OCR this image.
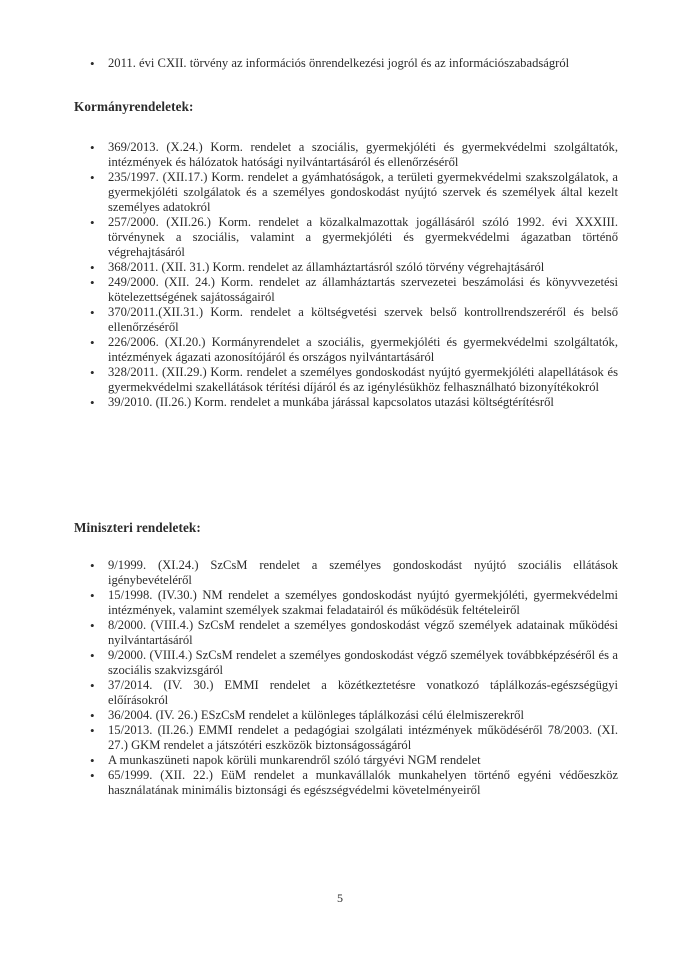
• 2011. évi CXII. törvény az információs önrendelkezési jogról és az információszabadságról
Kormányrendeletek:
• 369/2013. (X.24.) Korm. rendelet a szociális, gyermekjóléti és gyermekvédelmi szolgáltatók, intézmények és hálózatok hatósági nyilvántartásáról és ellenőrzéséről
• 235/1997. (XII.17.) Korm. rendelet a gyámhatóságok, a területi gyermekvédelmi szakszolgálatok, a gyermekjóléti szolgálatok és a személyes gondoskodást nyújtó szervek és személyek által kezelt személyes adatokról
• 257/2000. (XII.26.) Korm. rendelet a közalkalmazottak jogállásáról szóló 1992. évi XXXIII. törvénynek a szociális, valamint a gyermekjóléti és gyermekvédelmi ágazatban történő végrehajtásáról
• 368/2011. (XII. 31.) Korm. rendelet az államháztartásról szóló törvény végrehajtásáról
• 249/2000. (XII. 24.) Korm. rendelet az államháztartás szervezetei beszámolási és könyvvezetési kötelezettségének sajátosságairól
• 370/2011.(XII.31.) Korm. rendelet a költségvetési szervek belső kontrollrendszeréről és belső ellenőrzéséről
• 226/2006. (XI.20.) Kormányrendelet a szociális, gyermekjóléti és gyermekvédelmi szolgáltatók, intézmények ágazati azonosítójáról és országos nyilvántartásáról
• 328/2011. (XII.29.) Korm. rendelet a személyes gondoskodást nyújtó gyermekjóléti alapellátások és gyermekvédelmi szakellátások térítési díjáról és az igénylésükhöz felhasználható bizonyítékokról
• 39/2010. (II.26.) Korm. rendelet a munkába járással kapcsolatos utazási költségtérítésről
Miniszteri rendeletek:
• 9/1999. (XI.24.) SzCsM rendelet a személyes gondoskodást nyújtó szociális ellátások igénybevételéről
• 15/1998. (IV.30.) NM rendelet a személyes gondoskodást nyújtó gyermekjóléti, gyermekvédelmi intézmények, valamint személyek szakmai feladatairól és működésük feltételeiről
• 8/2000. (VIII.4.) SzCsM rendelet a személyes gondoskodást végző személyek adatainak működési nyilvántartásáról
• 9/2000. (VIII.4.) SzCsM rendelet a személyes gondoskodást végző személyek továbbképzéséről és a szociális szakvizsgáról
• 37/2014. (IV. 30.) EMMI rendelet a közétkeztetésre vonatkozó táplálkozás-egészségügyi előírásokról
• 36/2004. (IV. 26.) ESzCsM rendelet a különleges táplálkozási célú élelmiszerekről
• 15/2013. (II.26.) EMMI rendelet a pedagógiai szolgálati intézmények működéséről 78/2003. (XI. 27.) GKM rendelet a játszótéri eszközök biztonságosságáról
• A munkaszüneti napok körüli munkarendről szóló tárgyévi NGM rendelet
• 65/1999. (XII. 22.) EüM rendelet a munkavállalók munkahelyen történő egyéni védőeszköz használatának minimális biztonsági és egészségvédelmi követelményeiről
5
